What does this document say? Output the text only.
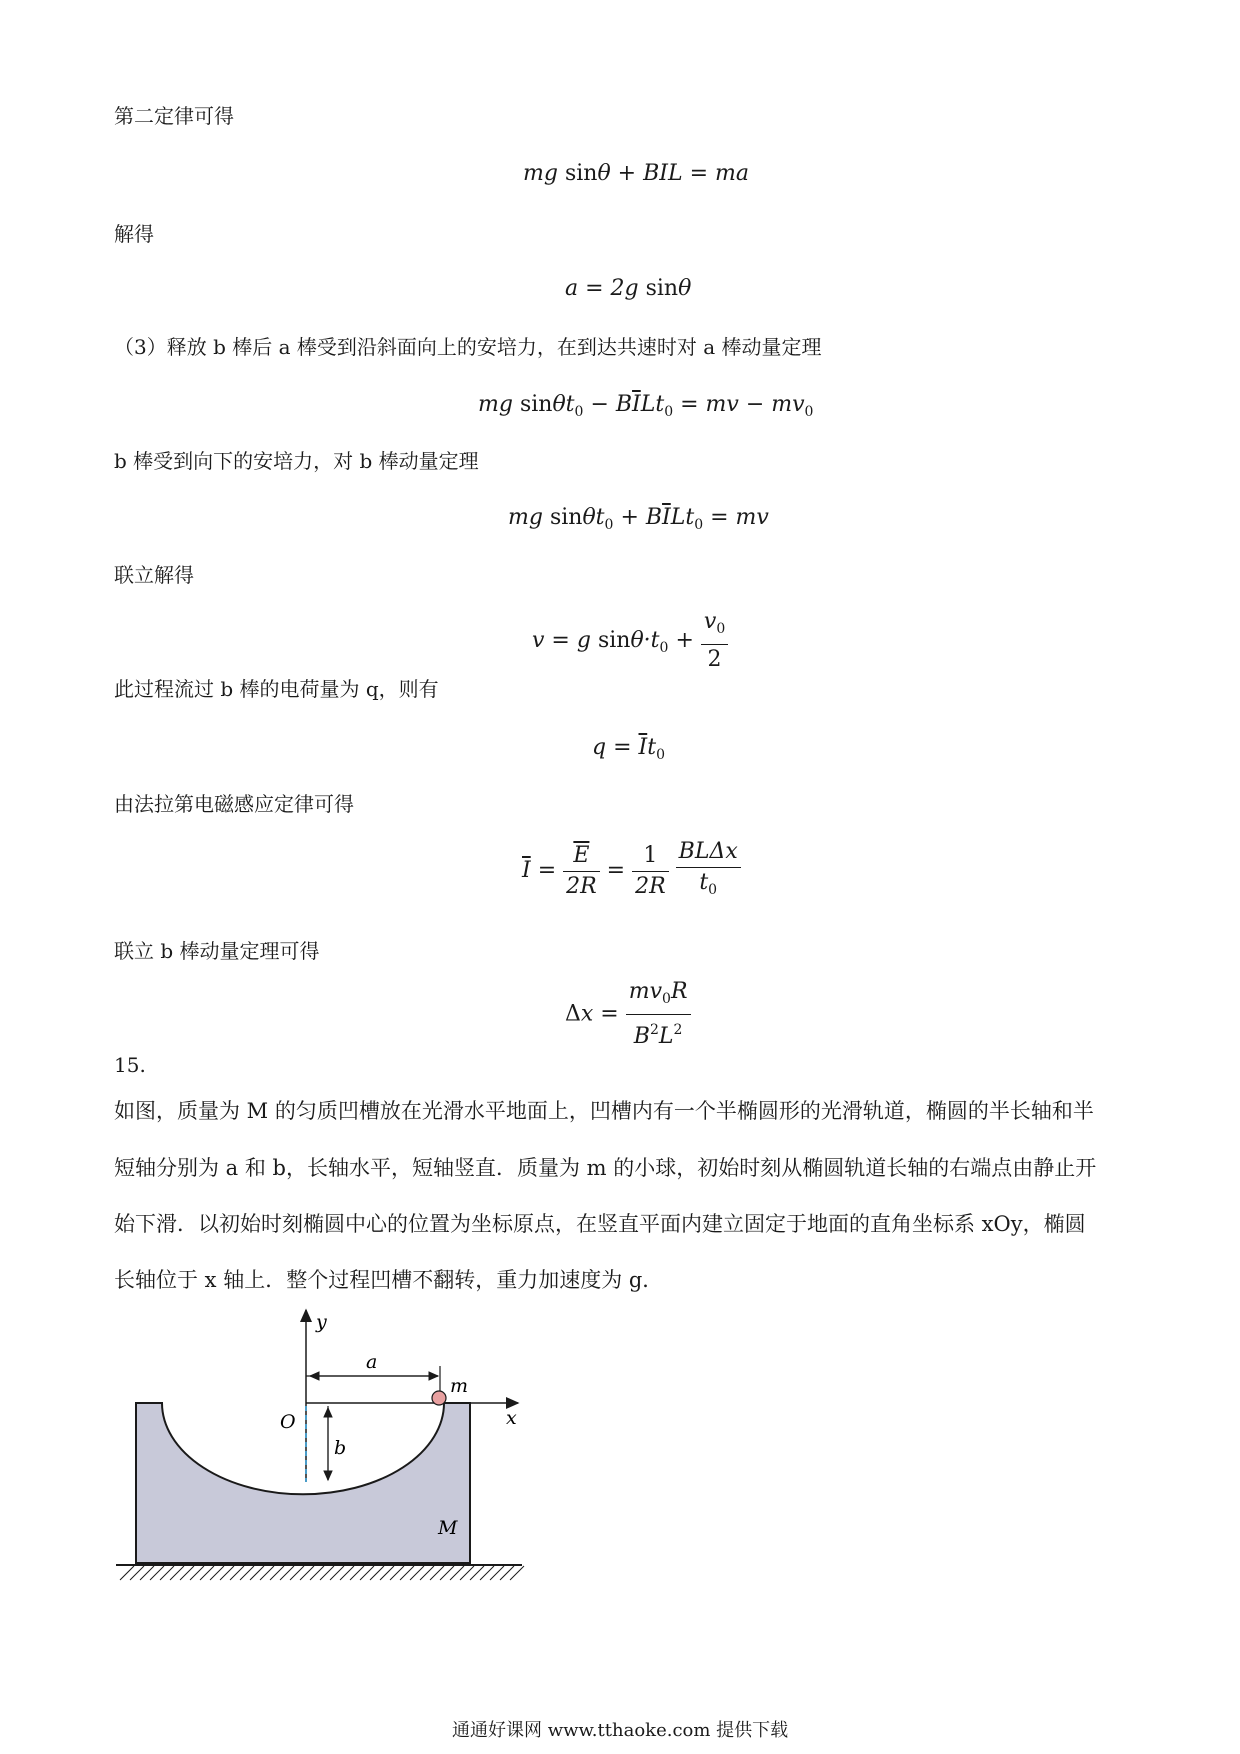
第二定律可得
mg sinθ + BIL = ma
解得
a = 2g sinθ
（3）释放 b 棒后 a 棒受到沿斜面向上的安培力，在到达共速时对 a 棒动量定理
mg $\sin\theta t_0 - B\overline{I}Lt_0$ = mv − $mv_0$
b 棒受到向下的安培力，对 b 棒动量定理
mg $\sin\theta t_0 + B\overline{I}Lt_0$ = mv
联立解得
v = g $\sin\theta\cdot t_0 + \frac{v_0}{2}$
此过程流过 b 棒的电荷量为 q，则有
$q = \overline{I}t_0$
由法拉第电磁感应定律可得
$\overline{I} = \frac{\overline{E}}{2R} = \frac{1}{2R}$
$\frac{\text{BLΔx}}{t_0}$
联立 b 棒动量定理可得
$\Delta x = \frac{mv_0R}{B^2L^2}$
15.
如图，质量为 M 的匀质凹槽放在光滑水平地面上，凹槽内有一个半椭圆形的光滑轨道，椭圆的半长轴和半
短轴分别为 a 和 b，长轴水平，短轴竖直．质量为 m 的小球，初始时刻从椭圆轨道长轴的右端点由静止开
始下滑．以初始时刻椭圆中心的位置为坐标原点，在竖直平面内建立固定于地面的直角坐标系 xOy，椭圆
长轴位于 x 轴上．整个过程凹槽不翻转，重力加速度为 g．
y
x
a
b
O
m
M
通通好课网 www.tthaoke.com 提供下载
